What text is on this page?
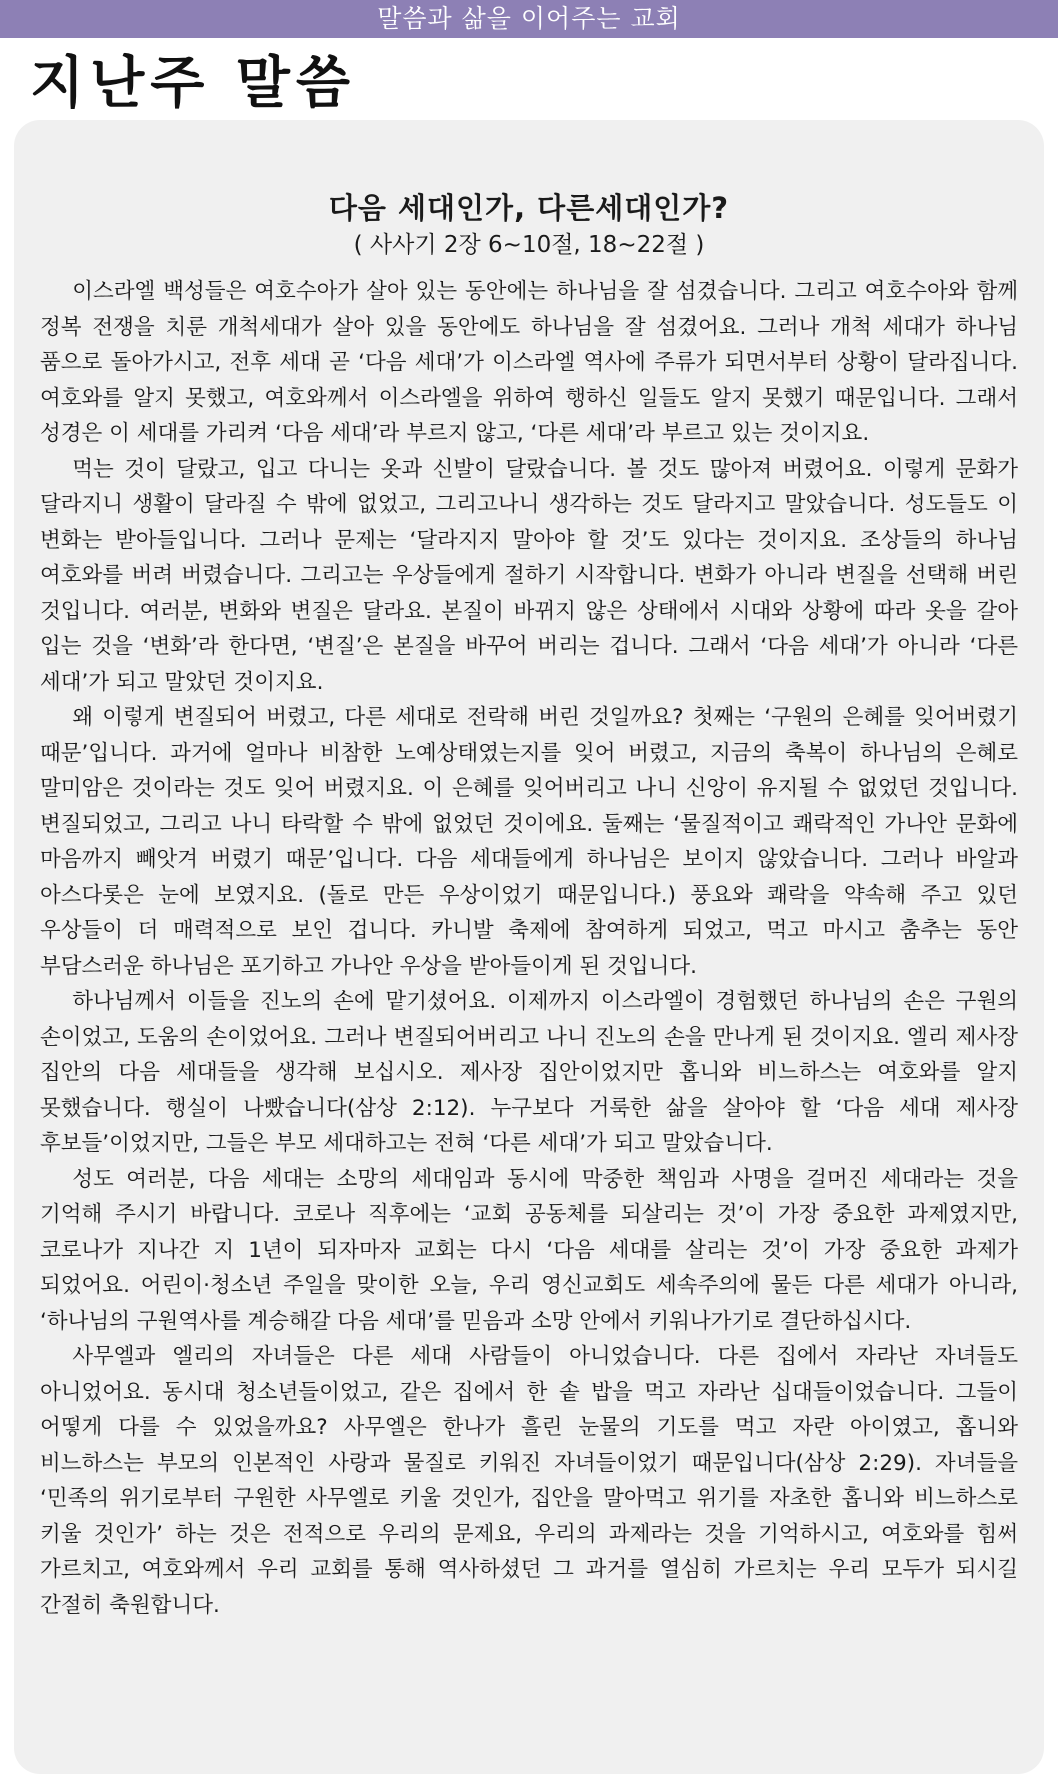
말씀과 삶을 이어주는 교회
지난주 말씀
다음 세대인가, 다른세대인가?

( 사사기 2장 6~10절, 18~22절 )

이스라엘 백성들은 여호수아가 살아 있는 동안에는 하나님을 잘 섬겼습니다. 그리고 여호수아와 함께 정복 전쟁을 치룬 개척세대가 살아 있을 동안에도 하나님을 잘 섬겼어요. 그러나 개척 세대가 하나님 품으로 돌아가시고, 전후 세대 곧 ‘다음 세대’가 이스라엘 역사에 주류가 되면서부터 상황이 달라집니다. 여호와를 알지 못했고, 여호와께서 이스라엘을 위하여 행하신 일들도 알지 못했기 때문입니다. 그래서 성경은 이 세대를 가리켜 ‘다음 세대’라 부르지 않고, ‘다른 세대’라 부르고 있는 것이지요.

먹는 것이 달랐고, 입고 다니는 옷과 신발이 달랐습니다. 볼 것도 많아져 버렸어요. 이렇게 문화가 달라지니 생활이 달라질 수 밖에 없었고, 그리고나니 생각하는 것도 달라지고 말았습니다. 성도들도 이 변화는 받아들입니다. 그러나 문제는 ‘달라지지 말아야 할 것’도 있다는 것이지요. 조상들의 하나님 여호와를 버려 버렸습니다. 그리고는 우상들에게 절하기 시작합니다. 변화가 아니라 변질을 선택해 버린 것입니다. 여러분, 변화와 변질은 달라요. 본질이 바뀌지 않은 상태에서 시대와 상황에 따라 옷을 갈아 입는 것을 ‘변화’라 한다면, ‘변질’은 본질을 바꾸어 버리는 겁니다. 그래서 ‘다음 세대’가 아니라 ‘다른 세대’가 되고 말았던 것이지요.

왜 이렇게 변질되어 버렸고, 다른 세대로 전락해 버린 것일까요? 첫째는 ‘구원의 은혜를 잊어버렸기 때문’입니다. 과거에 얼마나 비참한 노예상태였는지를 잊어 버렸고, 지금의 축복이 하나님의 은혜로 말미암은 것이라는 것도 잊어 버렸지요. 이 은혜를 잊어버리고 나니 신앙이 유지될 수 없었던 것입니다. 변질되었고, 그리고 나니 타락할 수 밖에 없었던 것이에요. 둘째는 ‘물질적이고 쾌락적인 가나안 문화에 마음까지 빼앗겨 버렸기 때문’입니다. 다음 세대들에게 하나님은 보이지 않았습니다. 그러나 바알과 아스다롯은 눈에 보였지요. (돌로 만든 우상이었기 때문입니다.) 풍요와 쾌락을 약속해 주고 있던 우상들이 더 매력적으로 보인 겁니다. 카니발 축제에 참여하게 되었고, 먹고 마시고 춤추는 동안 부담스러운 하나님은 포기하고 가나안 우상을 받아들이게 된 것입니다.

하나님께서 이들을 진노의 손에 맡기셨어요. 이제까지 이스라엘이 경험했던 하나님의 손은 구원의 손이었고, 도움의 손이었어요. 그러나 변질되어버리고 나니 진노의 손을 만나게 된 것이지요. 엘리 제사장 집안의 다음 세대들을 생각해 보십시오. 제사장 집안이었지만 홉니와 비느하스는 여호와를 알지 못했습니다. 행실이 나빴습니다(삼상 2:12). 누구보다 거룩한 삶을 살아야 할 ‘다음 세대 제사장 후보들’이었지만, 그들은 부모 세대하고는 전혀 ‘다른 세대’가 되고 말았습니다.

성도 여러분, 다음 세대는 소망의 세대임과 동시에 막중한 책임과 사명을 걸머진 세대라는 것을 기억해 주시기 바랍니다. 코로나 직후에는 ‘교회 공동체를 되살리는 것’이 가장 중요한 과제였지만, 코로나가 지나간 지 1년이 되자마자 교회는 다시 ‘다음 세대를 살리는 것’이 가장 중요한 과제가 되었어요. 어린이·청소년 주일을 맞이한 오늘, 우리 영신교회도 세속주의에 물든 다른 세대가 아니라, ‘하나님의 구원역사를 계승해갈 다음 세대’를 믿음과 소망 안에서 키워나가기로 결단하십시다.

사무엘과 엘리의 자녀들은 다른 세대 사람들이 아니었습니다. 다른 집에서 자라난 자녀들도 아니었어요. 동시대 청소년들이었고, 같은 집에서 한 솥 밥을 먹고 자라난 십대들이었습니다. 그들이 어떻게 다를 수 있었을까요? 사무엘은 한나가 흘린 눈물의 기도를 먹고 자란 아이였고, 홉니와 비느하스는 부모의 인본적인 사랑과 물질로 키워진 자녀들이었기 때문입니다(삼상 2:29). 자녀들을 ‘민족의 위기로부터 구원한 사무엘로 키울 것인가, 집안을 말아먹고 위기를 자초한 홉니와 비느하스로 키울 것인가’ 하는 것은 전적으로 우리의 문제요, 우리의 과제라는 것을 기억하시고, 여호와를 힘써 가르치고, 여호와께서 우리 교회를 통해 역사하셨던 그 과거를 열심히 가르치는 우리 모두가 되시길 간절히 축원합니다.
